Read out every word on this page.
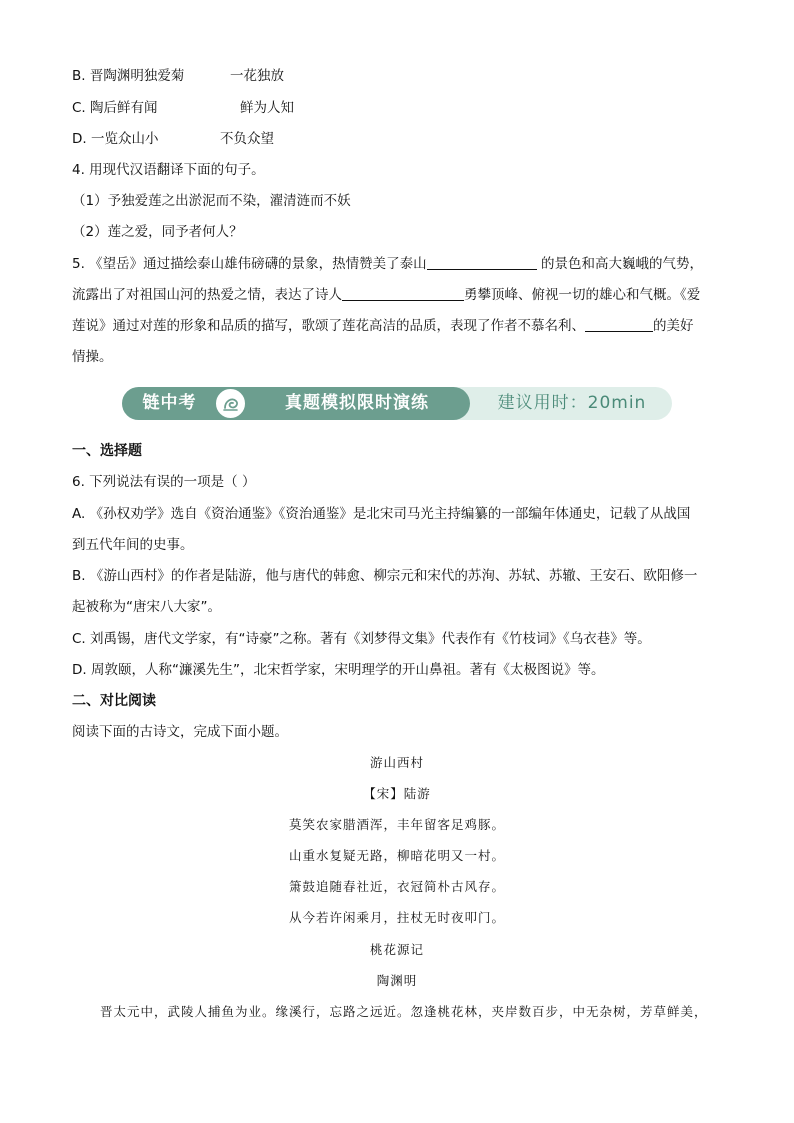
B. 晋陶渊明独爱菊	一花独放
C. 陶后鲜有闻	鲜为人知
D. 一览众山小	不负众望
4. 用现代汉语翻译下面的句子。
（1）予独爱莲之出淤泥而不染，濯清涟而不妖
（2）莲之爱，同予者何人？
5. 《望岳》通过描绘泰山雄伟磅礴的景象，热情赞美了泰山	的景色和高大巍峨的气势，
流露出了对祖国山河的热爱之情，表达了诗人	勇攀顶峰、俯视一切的雄心和气概。《爱
莲说》通过对莲的形象和品质的描写，歌颂了莲花高洁的品质，表现了作者不慕名利、	的美好
情操。
链中考	真题模拟限时演练	建议用时：20min
一、选择题
6. 下列说法有误的一项是（ ）
A. 《孙权劝学》选自《资治通鉴》《资治通鉴》是北宋司马光主持编纂的一部编年体通史，记载了从战国
到五代年间的史事。
B. 《游山西村》的作者是陆游，他与唐代的韩愈、柳宗元和宋代的苏洵、苏轼、苏辙、王安石、欧阳修一
起被称为“唐宋八大家”。
C. 刘禹锡，唐代文学家，有“诗豪”之称。著有《刘梦得文集》代表作有《竹枝词》《乌衣巷》等。
D. 周敦颐，人称“濂溪先生”，北宋哲学家，宋明理学的开山鼻祖。著有《太极图说》等。
二、对比阅读
阅读下面的古诗文，完成下面小题。
游山西村
【宋】陆游
莫笑农家腊酒浑，丰年留客足鸡豚。
山重水复疑无路，柳暗花明又一村。
箫鼓追随春社近，衣冠简朴古风存。
从今若许闲乘月，拄杖无时夜叩门。
桃花源记
陶渊明
晋太元中，武陵人捕鱼为业。缘溪行，忘路之远近。忽逢桃花林，夹岸数百步，中无杂树，芳草鲜美，
